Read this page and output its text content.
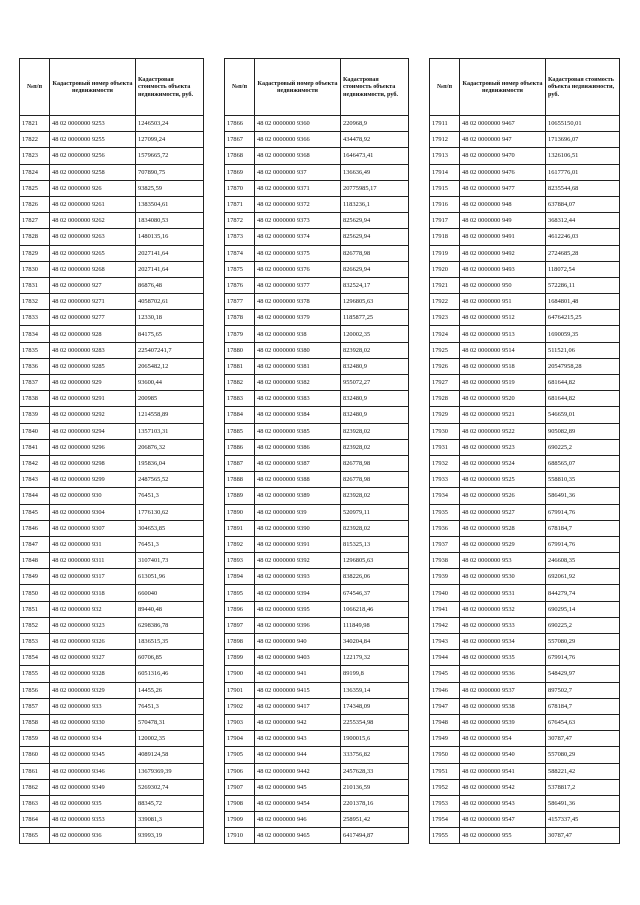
№п/п	Кадастровый номер объекта недвижимости	Кадастровая стоимость объекта недвижимости, руб.
17821	48 02 0000000 9253	1246503,24
17822	48 02 0000000 9255	127099,24
17823	48 02 0000000 9256	1579665,72
17824	48 02 0000000 9258	707890,75
17825	48 02 0000000 926	93825,59
17826	48 02 0000000 9261	1383504,61
17827	48 02 0000000 9262	1834080,53
17828	48 02 0000000 9263	1480135,16
17829	48 02 0000000 9265	2027141,64
17830	48 02 0000000 9268	2027141,64
17831	48 02 0000000 927	86876,48
17832	48 02 0000000 9271	4058702,61
17833	48 02 0000000 9277	12330,18
17834	48 02 0000000 928	84175,65
17835	48 02 0000000 9283	225407241,7
17836	48 02 0000000 9285	2065482,12
17837	48 02 0000000 929	93600,44
17838	48 02 0000000 9291	200985
17839	48 02 0000000 9292	1214558,89
17840	48 02 0000000 9294	1357103,31
17841	48 02 0000000 9296	206876,32
17842	48 02 0000000 9298	195836,04
17843	48 02 0000000 9299	2487565,52
17844	48 02 0000000 930	76451,3
17845	48 02 0000000 9304	1776130,62
17846	48 02 0000000 9307	304653,85
17847	48 02 0000000 931	76451,3
17848	48 02 0000000 9311	3107401,73
17849	48 02 0000000 9317	613051,96
17850	48 02 0000000 9318	660040
17851	48 02 0000000 932	89440,48
17852	48 02 0000000 9323	6298386,78
17853	48 02 0000000 9326	1836515,35
17854	48 02 0000000 9327	60706,85
17855	48 02 0000000 9328	6051316,46
17856	48 02 0000000 9329	14455,26
17857	48 02 0000000 933	76451,3
17858	48 02 0000000 9330	570478,31
17859	48 02 0000000 934	120002,35
17860	48 02 0000000 9345	4089124,58
17861	48 02 0000000 9346	13679369,39
17862	48 02 0000000 9349	5269302,74
17863	48 02 0000000 935	88345,72
17864	48 02 0000000 9353	339081,3
17865	48 02 0000000 936	93993,19
№п/п	Кадастровый номер объекта недвижимости	Кадастровая стоимость объекта недвижимости, руб.
17866	48 02 0000000 9360	220968,9
17867	48 02 0000000 9366	434478,92
17868	48 02 0000000 9368	1646473,41
17869	48 02 0000000 937	136636,49
17870	48 02 0000000 9371	20775985,17
17871	48 02 0000000 9372	1183236,1
17872	48 02 0000000 9373	825629,94
17873	48 02 0000000 9374	825629,94
17874	48 02 0000000 9375	826778,98
17875	48 02 0000000 9376	826629,94
17876	48 02 0000000 9377	832524,17
17877	48 02 0000000 9378	1296805,63
17878	48 02 0000000 9379	1185877,25
17879	48 02 0000000 938	120002,35
17880	48 02 0000000 9380	823928,02
17881	48 02 0000000 9381	832480,9
17882	48 02 0000000 9382	955072,27
17883	48 02 0000000 9383	832480,9
17884	48 02 0000000 9384	832480,9
17885	48 02 0000000 9385	823928,02
17886	48 02 0000000 9386	823928,02
17887	48 02 0000000 9387	826778,98
17888	48 02 0000000 9388	826778,98
17889	48 02 0000000 9389	823928,02
17890	48 02 0000000 939	520979,11
17891	48 02 0000000 9390	823928,02
17892	48 02 0000000 9391	815325,13
17893	48 02 0000000 9392	1296805,63
17894	48 02 0000000 9393	838226,06
17895	48 02 0000000 9394	674546,37
17896	48 02 0000000 9395	1066218,46
17897	48 02 0000000 9396	111849,98
17898	48 02 0000000 940	340204,84
17899	48 02 0000000 9403	122179,32
17900	48 02 0000000 941	89199,8
17901	48 02 0000000 9415	136359,14
17902	48 02 0000000 9417	174348,09
17903	48 02 0000000 942	2255354,98
17904	48 02 0000000 943	1900015,6
17905	48 02 0000000 944	333756,82
17906	48 02 0000000 9442	2457628,33
17907	48 02 0000000 945	210136,59
17908	48 02 0000000 9454	2201378,16
17909	48 02 0000000 946	258951,42
17910	48 02 0000000 9465	6417494,87
№п/п	Кадастровый номер объекта недвижимости	Кадастровая стоимость объекта недвижимости, руб.
17911	48 02 0000000 9467	10655150,01
17912	48 02 0000000 947	1713696,07
17913	48 02 0000000 9470	1326106,51
17914	48 02 0000000 9476	1617776,01
17915	48 02 0000000 9477	8235544,68
17916	48 02 0000000 948	637884,07
17917	48 02 0000000 949	368312,44
17918	48 02 0000000 9491	4612246,03
17919	48 02 0000000 9492	2724685,28
17920	48 02 0000000 9493	118072,54
17921	48 02 0000000 950	572286,11
17922	48 02 0000000 951	1684801,48
17923	48 02 0000000 9512	64764215,25
17924	48 02 0000000 9513	1690059,35
17925	48 02 0000000 9514	511521,06
17926	48 02 0000000 9518	20547958,28
17927	48 02 0000000 9519	681644,82
17928	48 02 0000000 9520	681644,82
17929	48 02 0000000 9521	546659,01
17930	48 02 0000000 9522	905082,89
17931	48 02 0000000 9523	690225,2
17932	48 02 0000000 9524	688565,07
17933	48 02 0000000 9525	558810,35
17934	48 02 0000000 9526	586491,36
17935	48 02 0000000 9527	679914,76
17936	48 02 0000000 9528	678184,7
17937	48 02 0000000 9529	679914,76
17938	48 02 0000000 953	246608,35
17939	48 02 0000000 9530	692061,92
17940	48 02 0000000 9531	844279,74
17941	48 02 0000000 9532	690295,14
17942	48 02 0000000 9533	690225,2
17943	48 02 0000000 9534	557080,29
17944	48 02 0000000 9535	679914,76
17945	48 02 0000000 9536	548429,97
17946	48 02 0000000 9537	897502,7
17947	48 02 0000000 9538	678184,7
17948	48 02 0000000 9539	676454,63
17949	48 02 0000000 954	30787,47
17950	48 02 0000000 9540	557080,29
17951	48 02 0000000 9541	588221,42
17952	48 02 0000000 9542	5378817,2
17953	48 02 0000000 9543	586491,36
17954	48 02 0000000 9547	4157337,45
17955	48 02 0000000 955	30787,47
